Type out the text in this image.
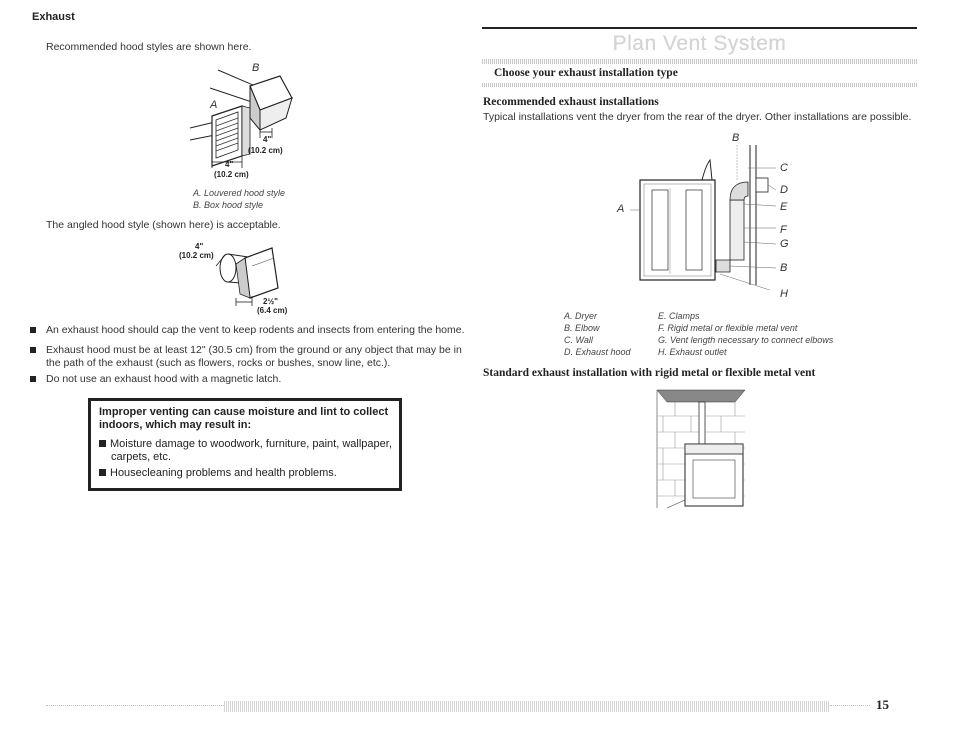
Exhaust
Recommended hood styles are shown here.
B
A
4"
(10.2 cm)
4"
(10.2 cm)
A. Louvered hood style
B. Box hood style
The angled hood style (shown here) is acceptable.
4"
(10.2 cm)
2½"
(6.4 cm)
An exhaust hood should cap the vent to keep rodents and insects from entering the home.
Exhaust hood must be at least 12" (30.5 cm) from the ground or any object that may be in
the path of the exhaust (such as flowers, rocks or bushes, snow line, etc.).
Do not use an exhaust hood with a magnetic latch.
Improper venting can cause moisture and lint to collect
indoors, which may result in:
Moisture damage to woodwork, furniture, paint, wallpaper,
carpets, etc.
Housecleaning problems and health problems.
Plan Vent System
Choose your exhaust installation type
Recommended exhaust installations
Typical installations vent the dryer from the rear of the dryer. Other installations are possible.
B
C
D
E
F
G
B
H
A
A. Dryer
B. Elbow
C. Wall
D. Exhaust hood
E. Clamps
F. Rigid metal or flexible metal vent
G. Vent length necessary to connect elbows
H. Exhaust outlet
Standard exhaust installation with rigid metal or flexible metal vent
15
